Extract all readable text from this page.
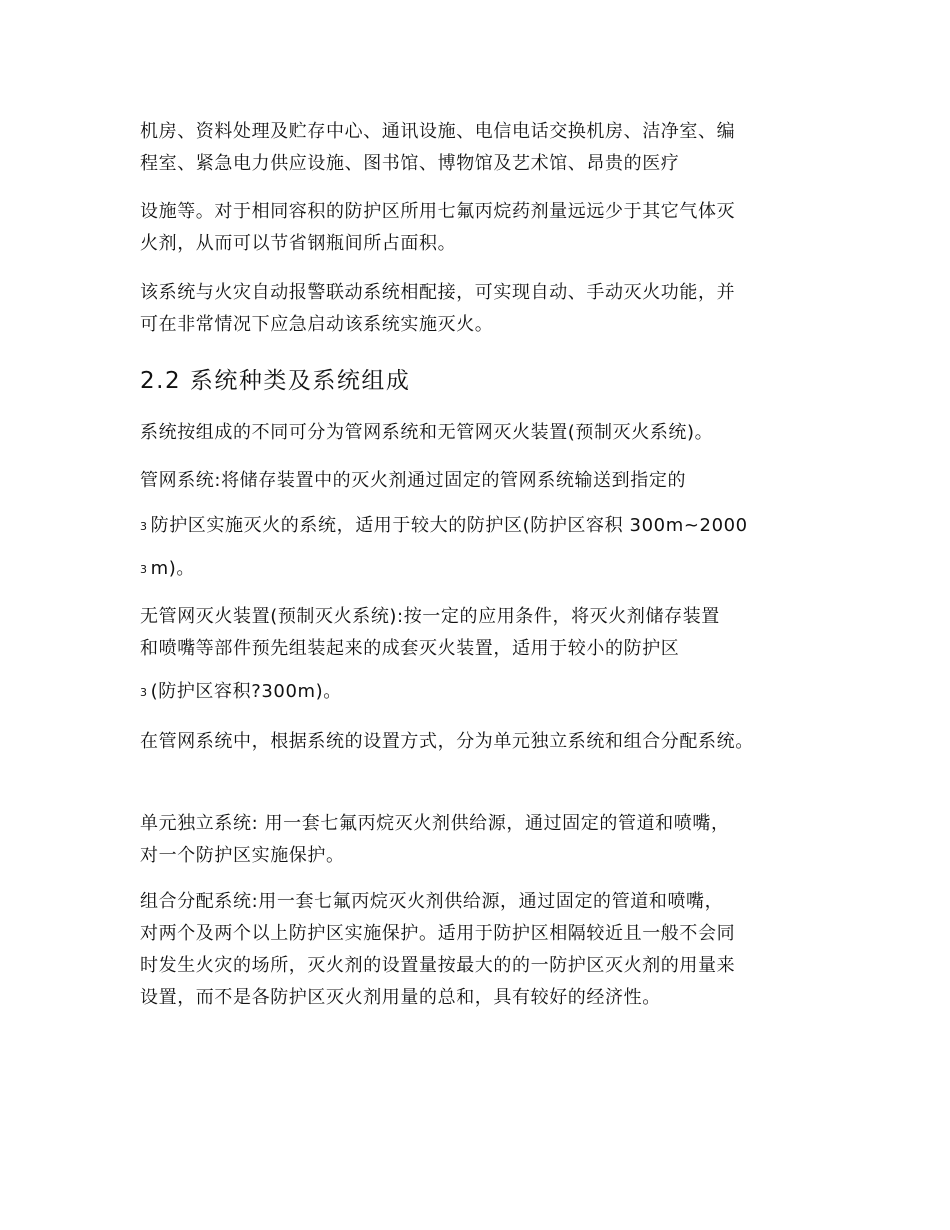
机房、资料处理及贮存中心、通讯设施、电信电话交换机房、洁净室、编
程室、紧急电力供应设施、图书馆、博物馆及艺术馆、昂贵的医疗

设施等。对于相同容积的防护区所用七氟丙烷药剂量远远少于其它气体灭
火剂，从而可以节省钢瓶间所占面积。

该系统与火灾自动报警联动系统相配接，可实现自动、手动灭火功能，并
可在非常情况下应急启动该系统实施灭火。

2.2 系统种类及系统组成

系统按组成的不同可分为管网系统和无管网灭火装置(预制灭火系统)。

管网系统:将储存装置中的灭火剂通过固定的管网系统输送到指定的

3 防护区实施灭火的系统，适用于较大的防护区(防护区容积 300m~2000

3 m)。

无管网灭火装置(预制灭火系统):按一定的应用条件，将灭火剂储存装置
和喷嘴等部件预先组装起来的成套灭火装置，适用于较小的防护区

3 (防护区容积?300m)。

在管网系统中，根据系统的设置方式，分为单元独立系统和组合分配系统。

单元独立系统: 用一套七氟丙烷灭火剂供给源，通过固定的管道和喷嘴，
对一个防护区实施保护。

组合分配系统:用一套七氟丙烷灭火剂供给源，通过固定的管道和喷嘴，
对两个及两个以上防护区实施保护。适用于防护区相隔较近且一般不会同
时发生火灾的场所，灭火剂的设置量按最大的的一防护区灭火剂的用量来
设置，而不是各防护区灭火剂用量的总和，具有较好的经济性。
